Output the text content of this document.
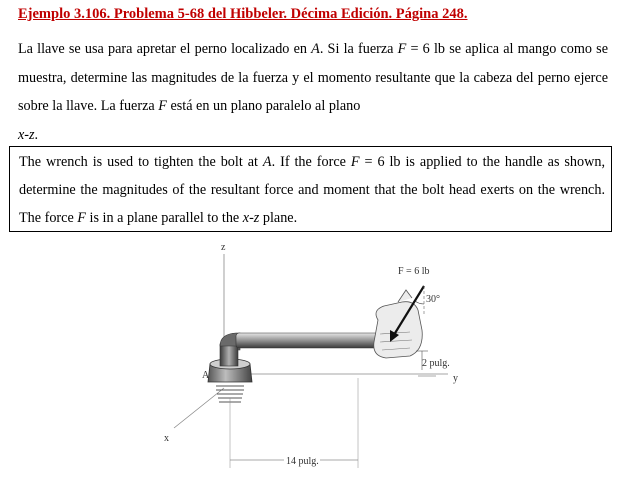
Ejemplo 3.106. Problema 5-68 del Hibbeler. Décima Edición. Página 248.
La llave se usa para apretar el perno localizado en A. Si la fuerza F = 6 lb se aplica al mango como se muestra, determine las magnitudes de la fuerza y el momento resultante que la cabeza del perno ejerce sobre la llave. La fuerza F está en un plano paralelo al plano
x-z.
The wrench is used to tighten the bolt at A. If the force F = 6 lb is applied to the handle as shown, determine the magnitudes of the resultant force and moment that the bolt head exerts on the wrench. The force F is in a plane parallel to the x-z plane.
z
x
y
A
F = 6 lb
30°
2 pulg.
14 pulg.
